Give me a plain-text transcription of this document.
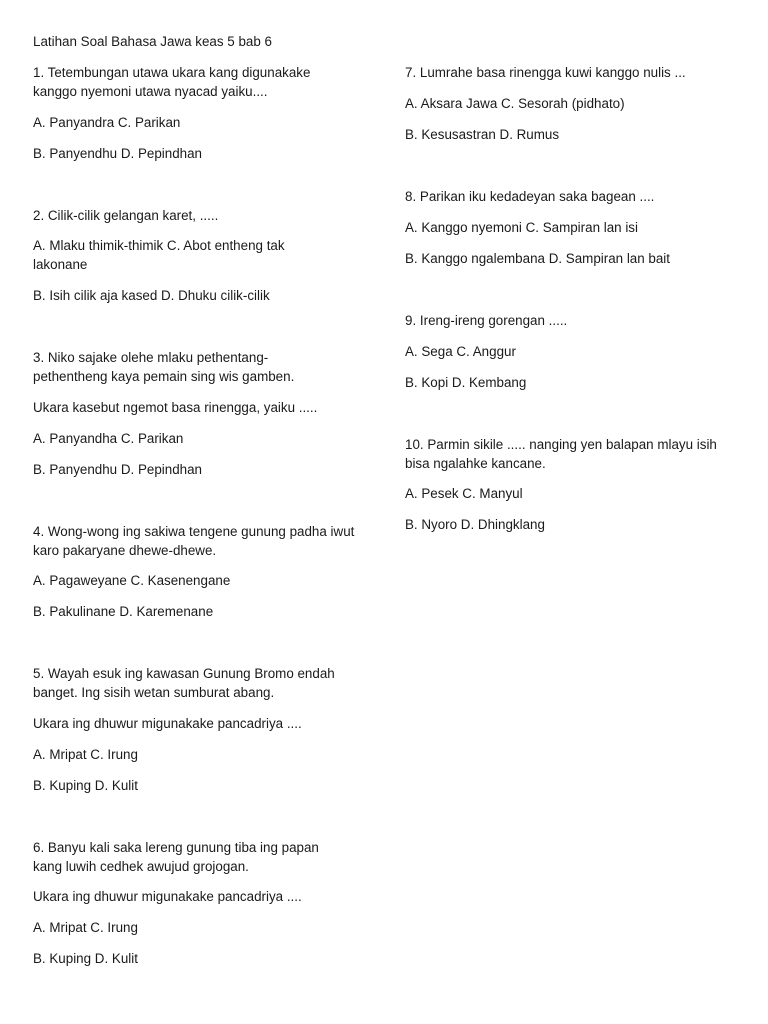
Latihan Soal Bahasa Jawa keas 5 bab 6

1. Tetembungan utawa ukara kang digunakake kanggo nyemoni utawa nyacad yaiku....

A. Panyandra C. Parikan

B. Panyendhu D. Pepindhan

2. Cilik-cilik gelangan karet, .....

A. Mlaku thimik-thimik C. Abot entheng tak lakonane

B. Isih cilik aja kased D. Dhuku cilik-cilik

3. Niko sajake olehe mlaku pethentang-pethentheng kaya pemain sing wis gamben.

Ukara kasebut ngemot basa rinengga, yaiku .....

A. Panyandha C. Parikan

B. Panyendhu D. Pepindhan

4. Wong-wong ing sakiwa tengene gunung padha iwut karo pakaryane dhewe-dhewe.

A. Pagaweyane C. Kasenengane

B. Pakulinane D. Karemenane

5. Wayah esuk ing kawasan Gunung Bromo endah banget. Ing sisih wetan sumburat abang.

Ukara ing dhuwur migunakake pancadriya ....

A. Mripat C. Irung

B. Kuping D. Kulit

6. Banyu kali saka lereng gunung tiba ing papan kang luwih cedhek awujud grojogan.

Ukara ing dhuwur migunakake pancadriya ....

A. Mripat C. Irung

B. Kuping D. Kulit

7. Lumrahe basa rinengga kuwi kanggo nulis ...

A. Aksara Jawa C. Sesorah (pidhato)

B. Kesusastran D. Rumus

8. Parikan iku kedadeyan saka bagean ....

A. Kanggo nyemoni C. Sampiran lan isi

B. Kanggo ngalembana D. Sampiran lan bait

9. Ireng-ireng gorengan .....

A. Sega C. Anggur

B. Kopi D. Kembang

10. Parmin sikile ..... nanging yen balapan mlayu isih bisa ngalahke kancane.

A. Pesek C. Manyul

B. Nyoro D. Dhingklang
